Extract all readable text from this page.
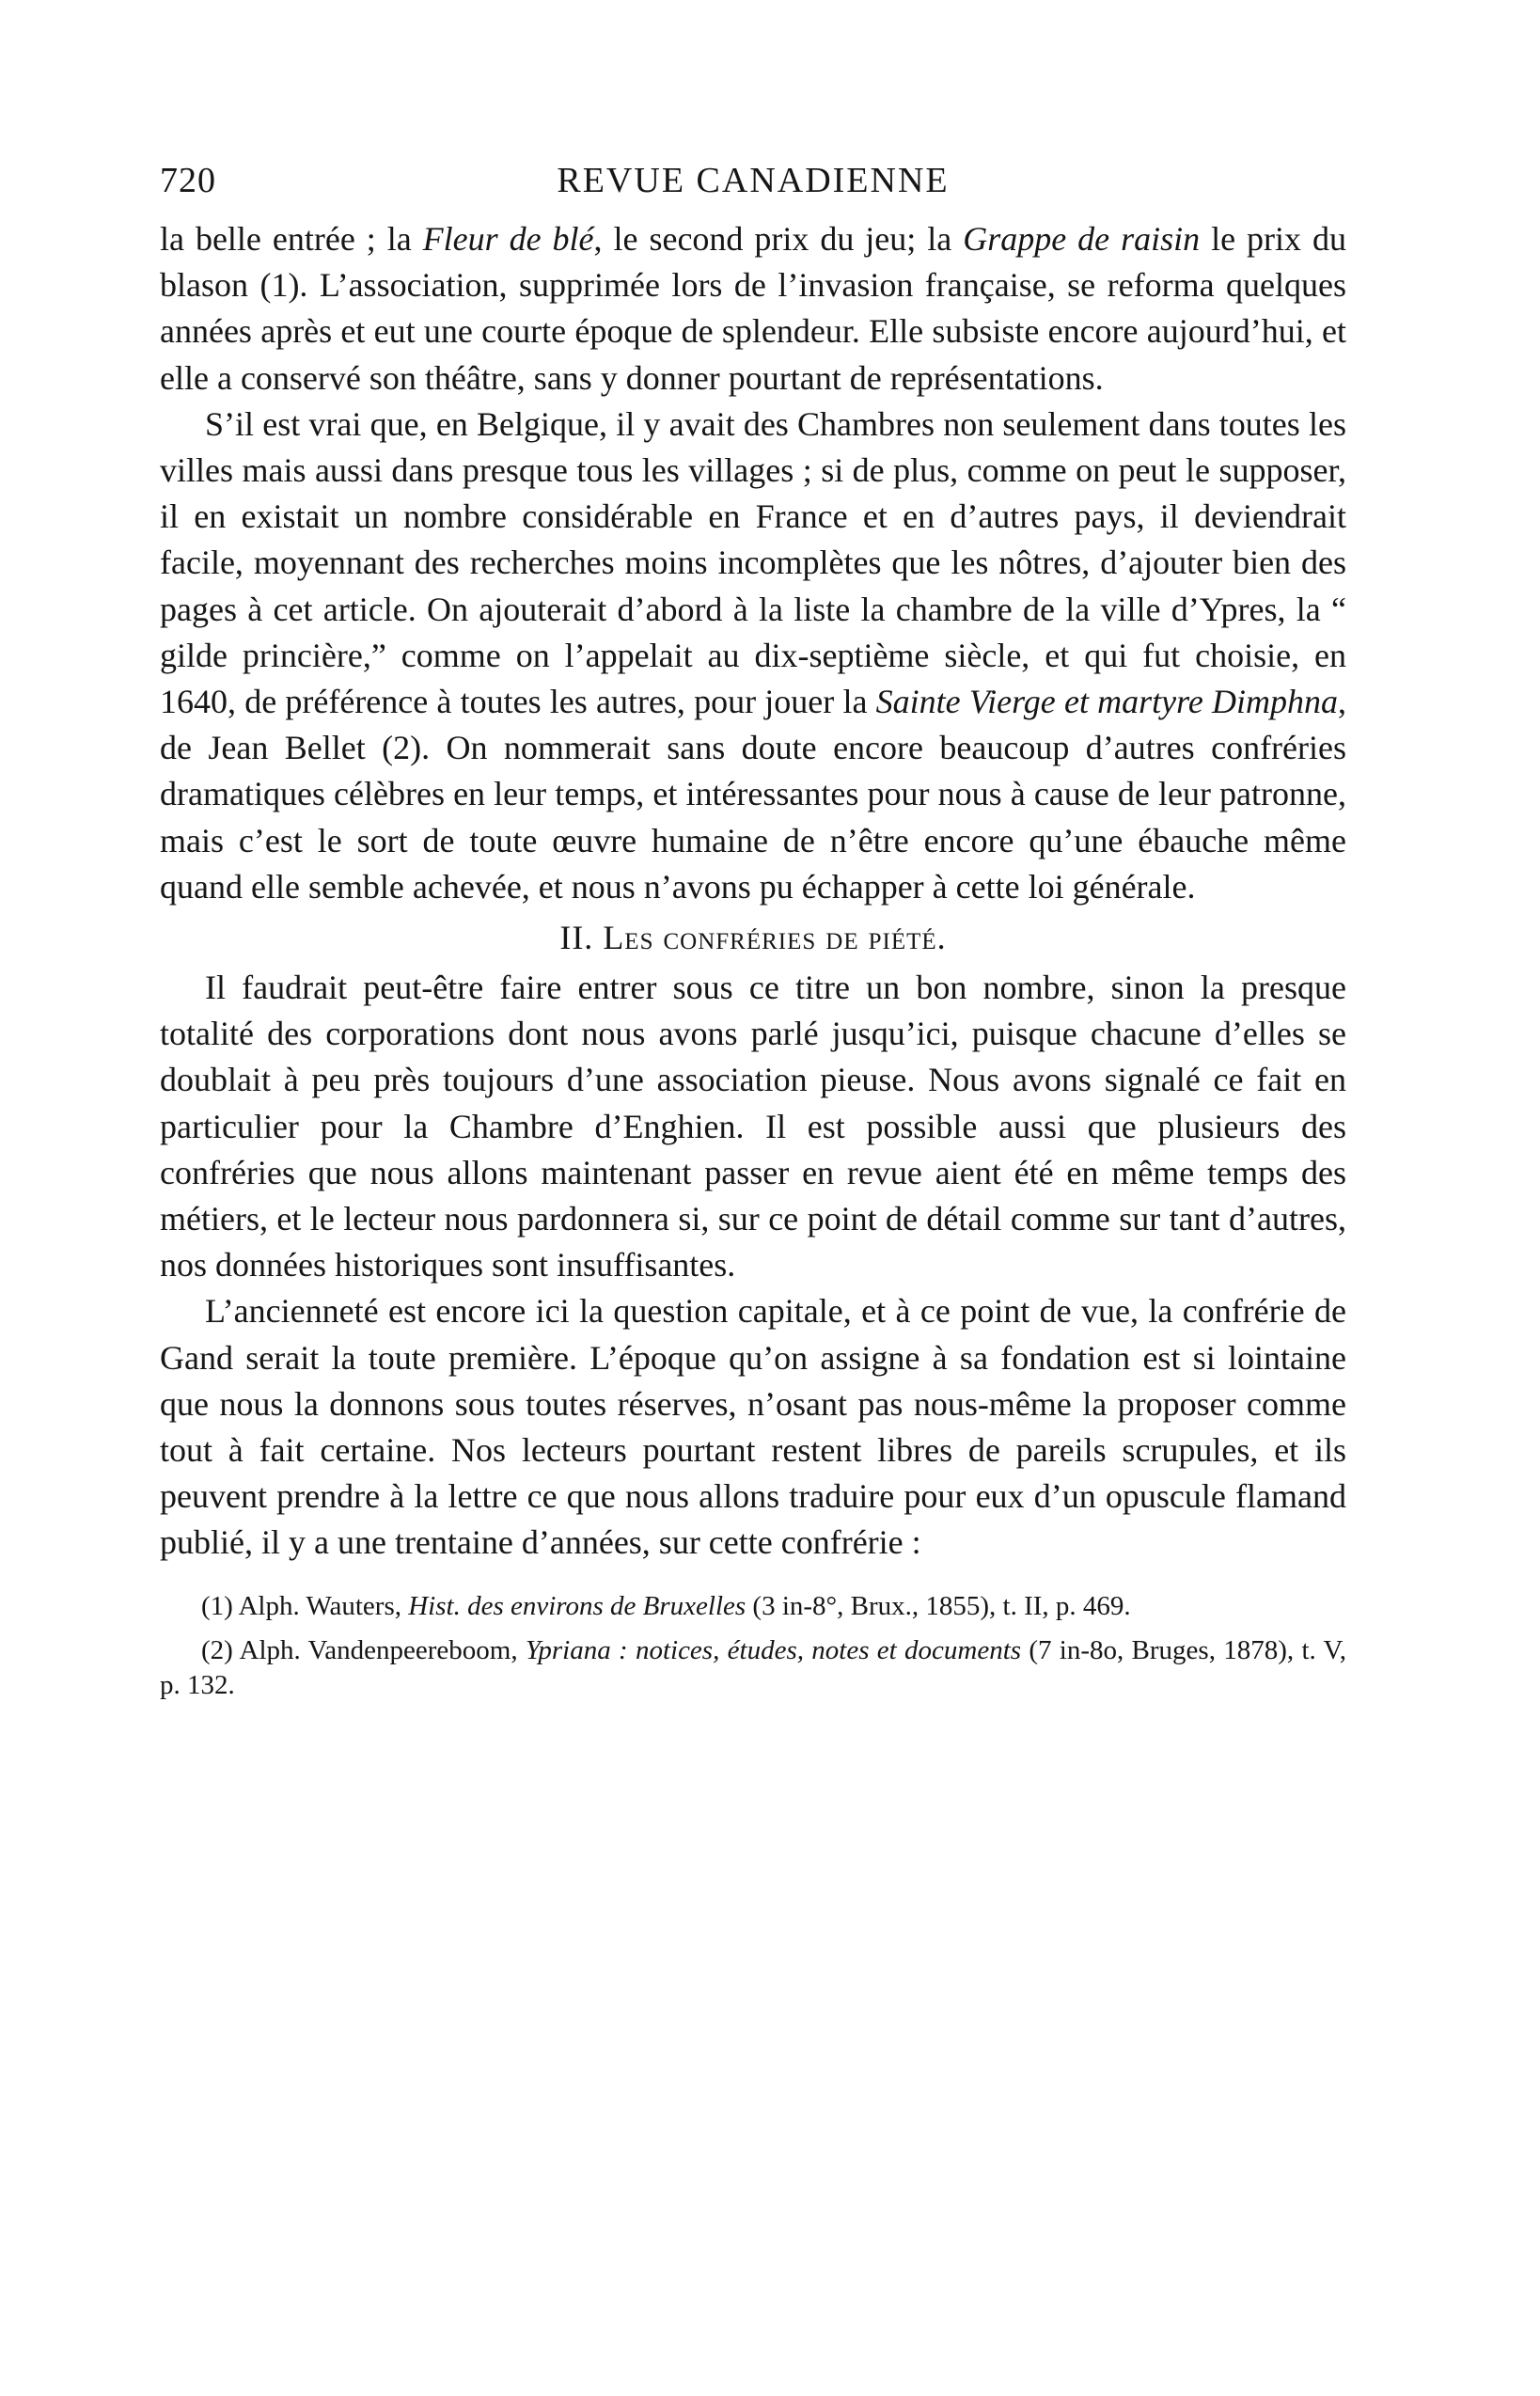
720	REVUE CANADIENNE

la belle entrée ; la Fleur de blé, le second prix du jeu; la Grappe de raisin le prix du blason (1). L’association, supprimée lors de l’invasion française, se reforma quelques années après et eut une courte époque de splendeur. Elle subsiste encore aujourd’hui, et elle a conservé son théâtre, sans y donner pourtant de représentations.

S’il est vrai que, en Belgique, il y avait des Chambres non seulement dans toutes les villes mais aussi dans presque tous les villages ; si de plus, comme on peut le supposer, il en existait un nombre considérable en France et en d’autres pays, il deviendrait facile, moyennant des recherches moins incomplètes que les nôtres, d’ajouter bien des pages à cet article. On ajouterait d’abord à la liste la chambre de la ville d’Ypres, la “ gilde princière,” comme on l’appelait au dix-septième siècle, et qui fut choisie, en 1640, de préférence à toutes les autres, pour jouer la Sainte Vierge et martyre Dimphna, de Jean Bellet (2). On nommerait sans doute encore beaucoup d’autres confréries dramatiques célèbres en leur temps, et intéressantes pour nous à cause de leur patronne, mais c’est le sort de toute œuvre humaine de n’être encore qu’une ébauche même quand elle semble achevée, et nous n’avons pu échapper à cette loi générale.

II. Les confréries de piété.

Il faudrait peut-être faire entrer sous ce titre un bon nombre, sinon la presque totalité des corporations dont nous avons parlé jusqu’ici, puisque chacune d’elles se doublait à peu près toujours d’une association pieuse. Nous avons signalé ce fait en particulier pour la Chambre d’Enghien. Il est possible aussi que plusieurs des confréries que nous allons maintenant passer en revue aient été en même temps des métiers, et le lecteur nous pardonnera si, sur ce point de détail comme sur tant d’autres, nos données historiques sont insuffisantes.

L’ancienneté est encore ici la question capitale, et à ce point de vue, la confrérie de Gand serait la toute première. L’époque qu’on assigne à sa fondation est si lointaine que nous la donnons sous toutes réserves, n’osant pas nous-même la proposer comme tout à fait certaine. Nos lecteurs pourtant restent libres de pareils scrupules, et ils peuvent prendre à la lettre ce que nous allons traduire pour eux d’un opuscule flamand publié, il y a une trentaine d’années, sur cette confrérie :

(1) Alph. Wauters, Hist. des environs de Bruxelles (3 in-8°, Brux., 1855), t. II, p. 469.

(2) Alph. Vandenpeereboom, Ypriana : notices, études, notes et documents (7 in-8o, Bruges, 1878), t. V, p. 132.
